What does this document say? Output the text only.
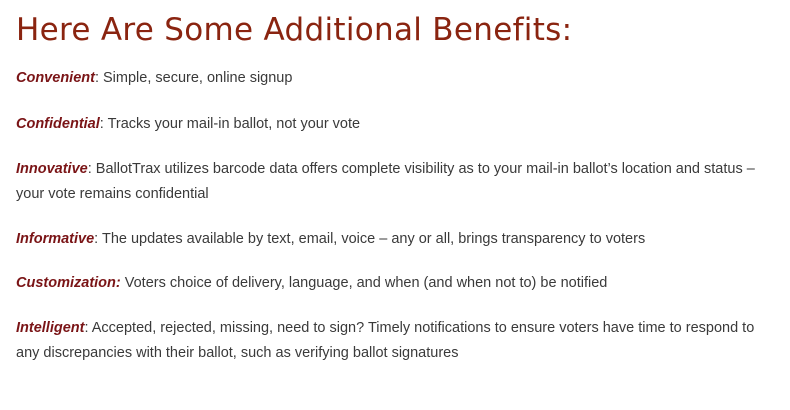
Here Are Some Additional Benefits:
Convenient: Simple, secure, online signup
Confidential: Tracks your mail-in ballot, not your vote
Innovative: BallotTrax utilizes barcode data offers complete visibility as to your mail-in ballot’s location and status – your vote remains confidential
Informative: The updates available by text, email, voice – any or all, brings transparency to voters
Customization: Voters choice of delivery, language, and when (and when not to) be notified
Intelligent: Accepted, rejected, missing, need to sign? Timely notifications to ensure voters have time to respond to any discrepancies with their ballot, such as verifying ballot signatures
